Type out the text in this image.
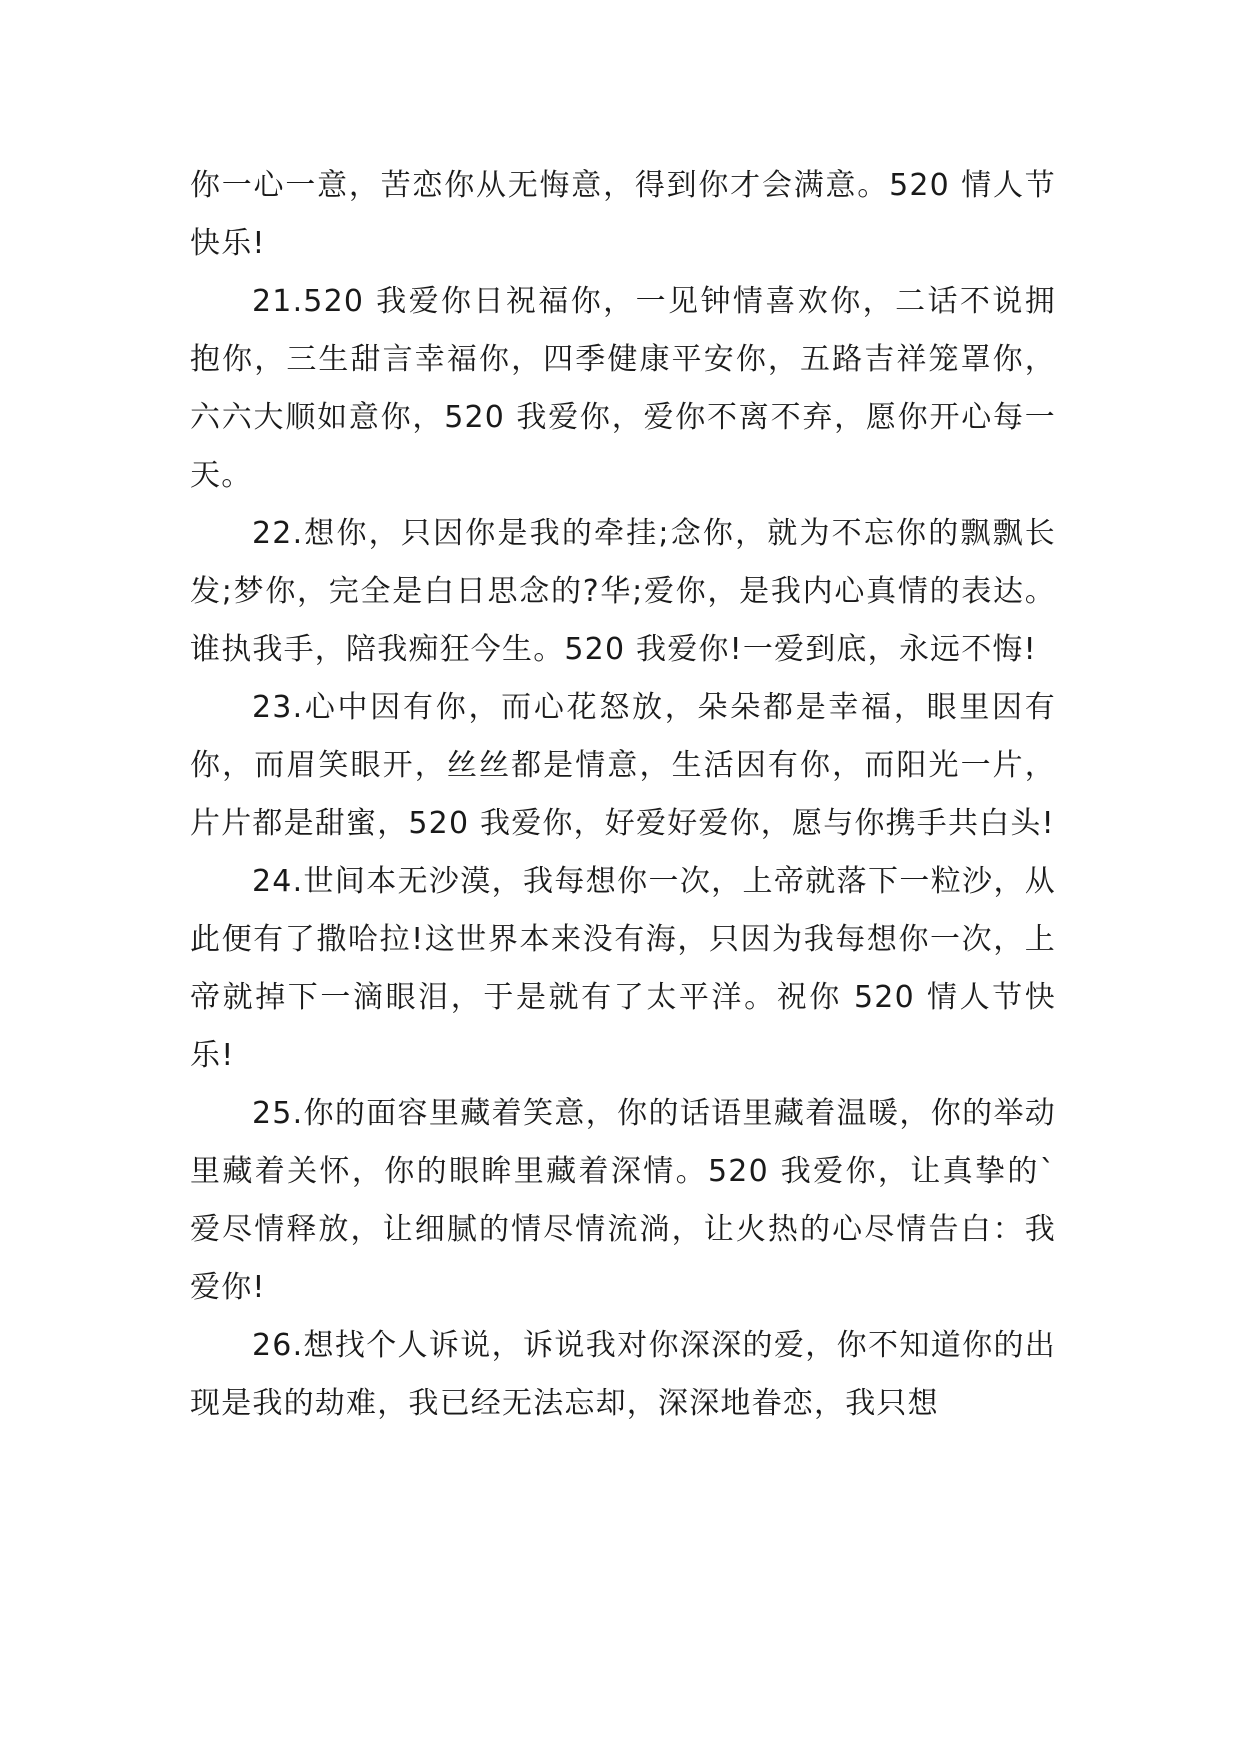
你一心一意，苦恋你从无悔意，得到你才会满意。520 情人节快乐!

21.520 我爱你日祝福你，一见钟情喜欢你，二话不说拥抱你，三生甜言幸福你，四季健康平安你，五路吉祥笼罩你，六六大顺如意你，520 我爱你，爱你不离不弃，愿你开心每一天。

22.想你，只因你是我的牵挂;念你，就为不忘你的飘飘长发;梦你，完全是白日思念的?华;爱你，是我内心真情的表达。谁执我手，陪我痴狂今生。520 我爱你!一爱到底，永远不悔!

23.心中因有你，而心花怒放，朵朵都是幸福，眼里因有你，而眉笑眼开，丝丝都是情意，生活因有你，而阳光一片，片片都是甜蜜，520 我爱你，好爱好爱你，愿与你携手共白头!

24.世间本无沙漠，我每想你一次，上帝就落下一粒沙，从此便有了撒哈拉!这世界本来没有海，只因为我每想你一次，上帝就掉下一滴眼泪，于是就有了太平洋。祝你 520 情人节快乐!

25.你的面容里藏着笑意，你的话语里藏着温暖，你的举动里藏着关怀，你的眼眸里藏着深情。520 我爱你，让真挚的`爱尽情释放，让细腻的情尽情流淌，让火热的心尽情告白：我爱你!

26.想找个人诉说，诉说我对你深深的爱，你不知道你的出现是我的劫难，我已经无法忘却，深深地眷恋，我只想
